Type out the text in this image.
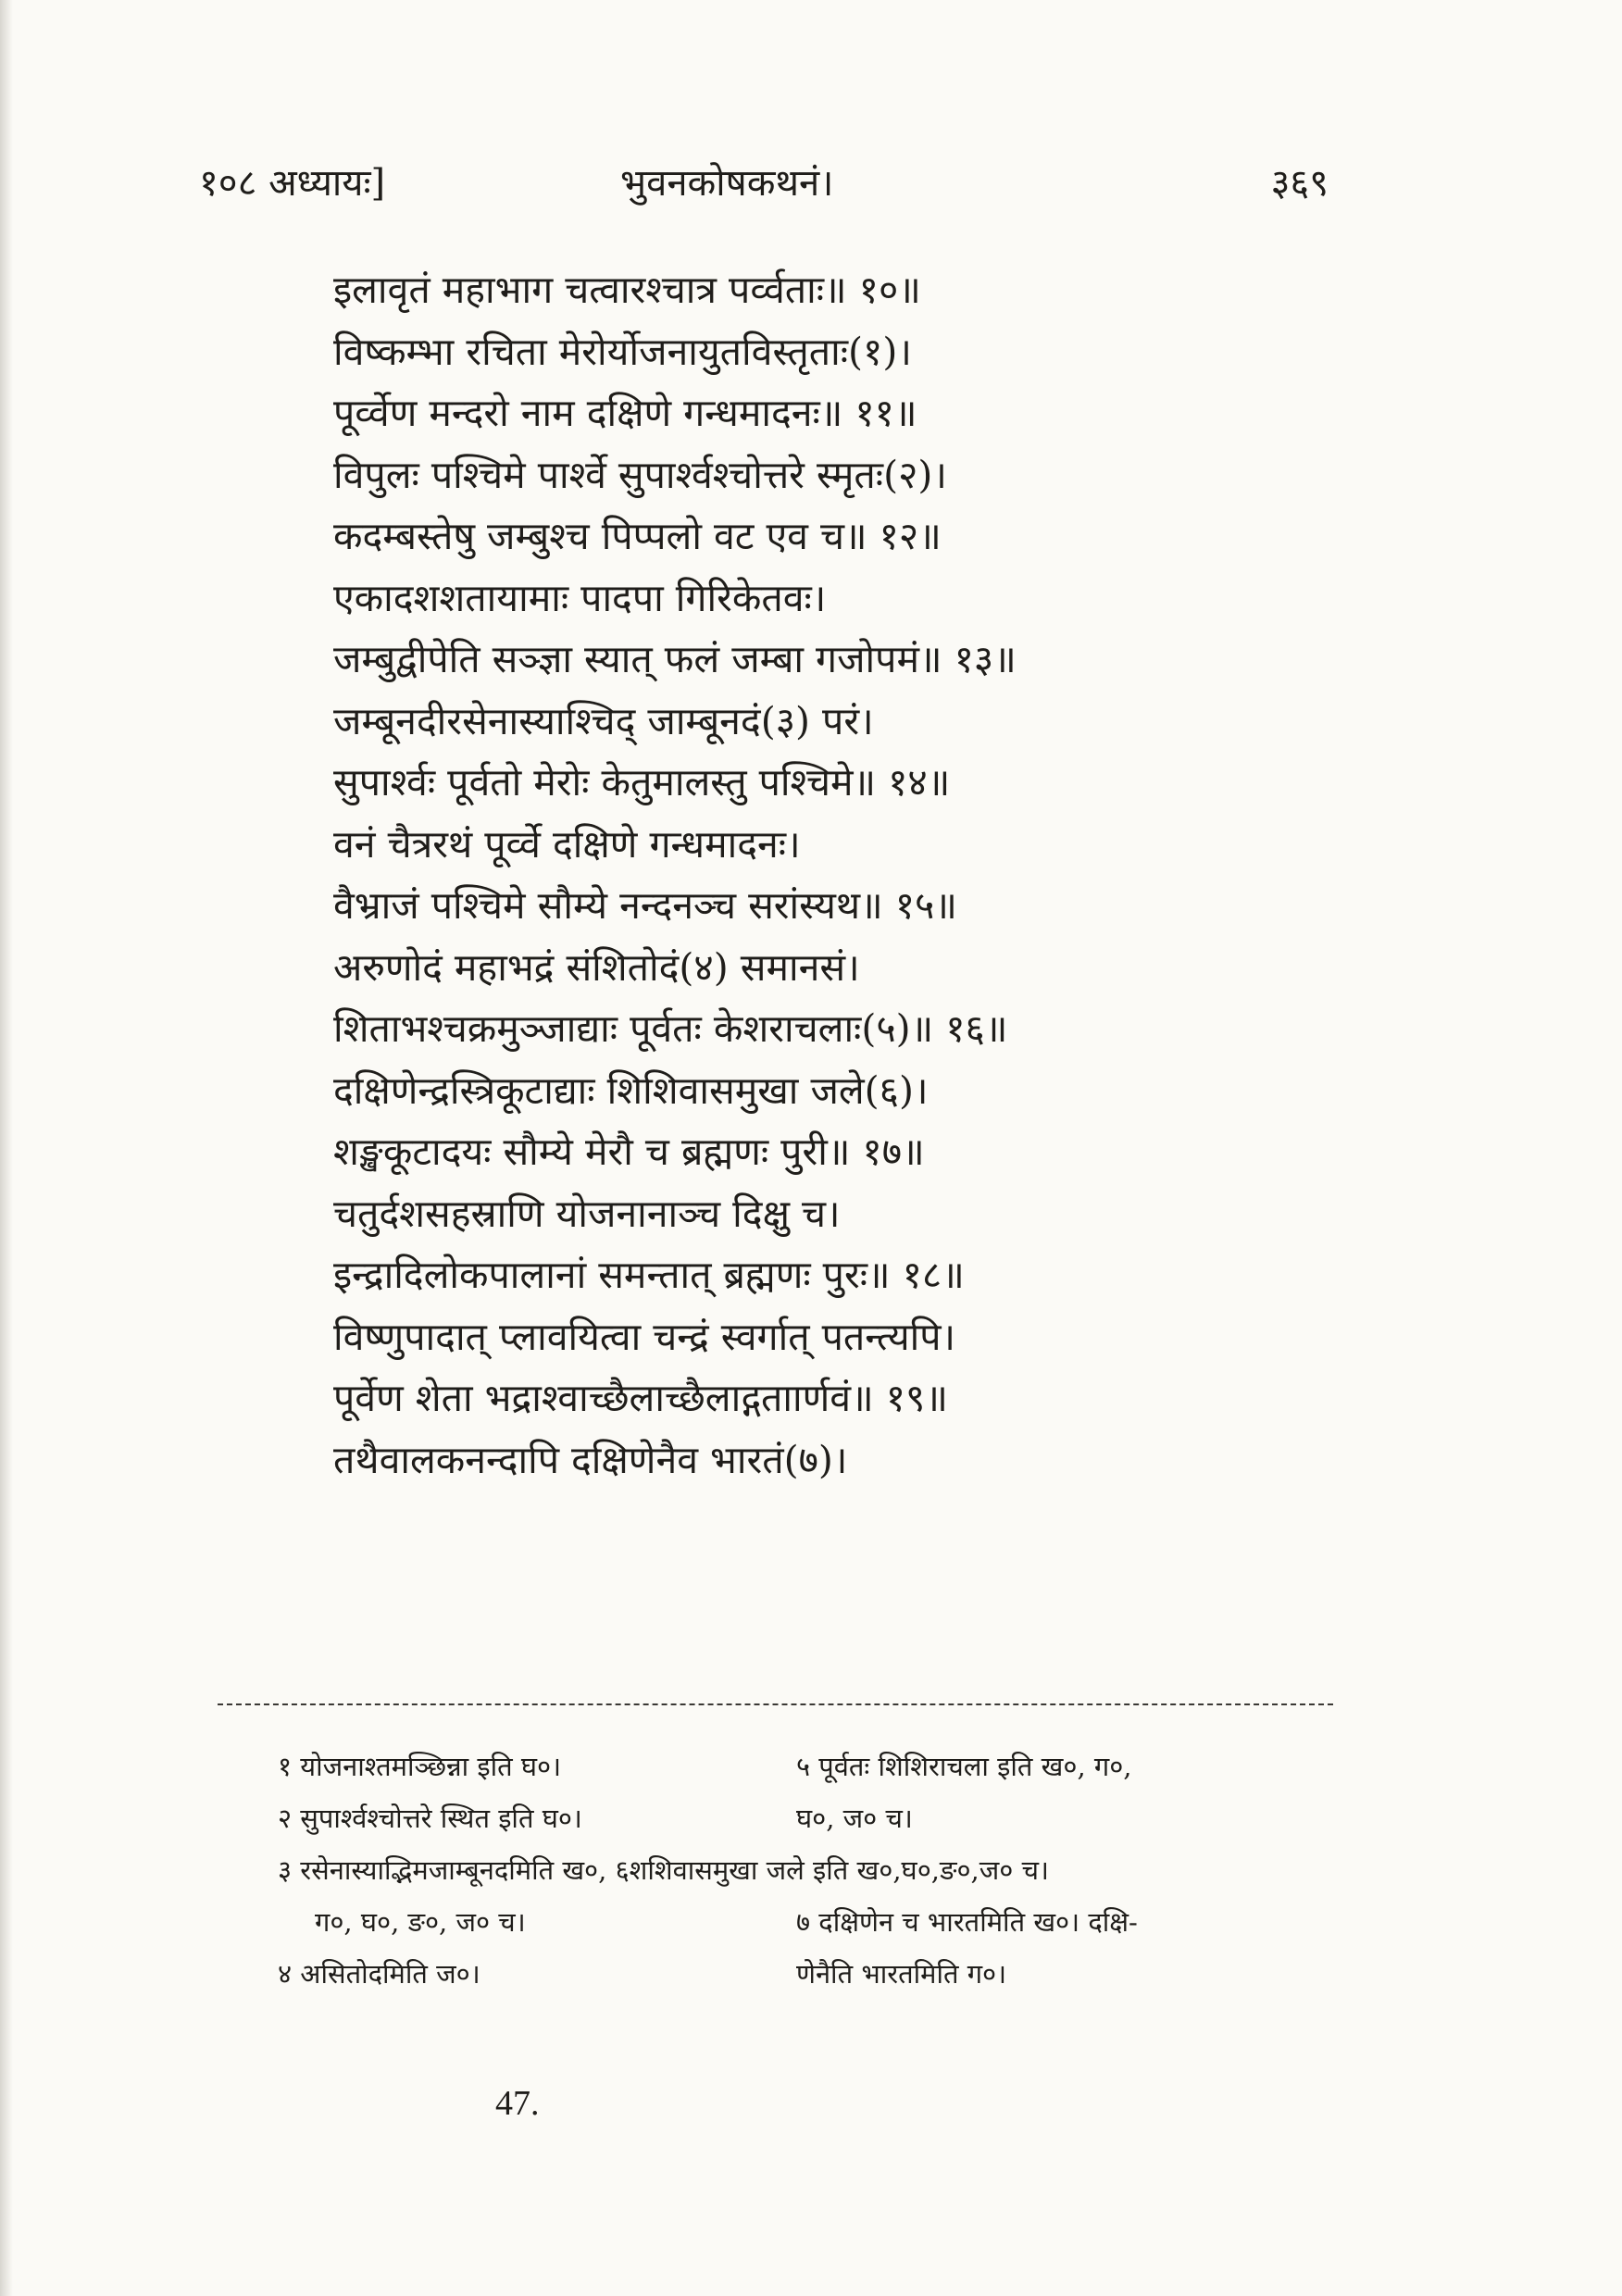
१०८ अध्यायः]	भुवनकोषकथनं।	३६९
इलावृतं महाभाग चत्वारश्चात्र पर्व्वताः॥ १०॥
विष्कम्भा रचिता मेरोर्योजनायुतविस्तृताः(१)।
पूर्व्वेण मन्दरो नाम दक्षिणे गन्धमादनः॥ ११॥
विपुलः पश्चिमे पार्श्वे सुपार्श्वश्चोत्तरे स्मृतः(२)।
कदम्बस्तेषु जम्बुश्च पिप्पलो वट एव च॥ १२॥
एकादशशतायामाः पादपा गिरिकेतवः।
जम्बुद्वीपेति सञ्ज्ञा स्यात् फलं जम्बा गजोपमं॥ १३॥
जम्बूनदीरसेनास्याश्चिद् जाम्बूनदं(३) परं।
सुपार्श्वः पूर्वतो मेरोः केतुमालस्तु पश्चिमे॥ १४॥
वनं चैत्ररथं पूर्व्वे दक्षिणे गन्धमादनः।
वैभ्राजं पश्चिमे सौम्ये नन्दनञ्च सरांस्यथ॥ १५॥
अरुणोदं महाभद्रं संशितोदं(४) समानसं।
शिताभश्चक्रमुञ्जाद्याः पूर्वतः केशराचलाः(५)॥ १६॥
दक्षिणेन्द्रस्त्रिकूटाद्याः शिशिवासमुखा जले(६)।
शङ्खकूटादयः सौम्ये मेरौ च ब्रह्मणः पुरी॥ १७॥
चतुर्दशसहस्राणि योजनानाञ्च दिक्षु च।
इन्द्रादिलोकपालानां समन्तात् ब्रह्मणः पुरः॥ १८॥
विष्णुपादात् प्लावयित्वा चन्द्रं स्वर्गात् पतन्त्यपि।
पूर्वेण शेता भद्राश्वाच्छैलाच्छैलाद्गताार्णवं॥ १९॥
तथैवालकनन्दापि दक्षिणेनैव भारतं(७)।
१ योजनाश्तमञ्छिन्ना इति घ०।	५ पूर्वतः शिशिराचला इति ख०, ग०,
२ सुपार्श्वश्चोत्तरे स्थित इति घ०।	घ०, ज० च।
३ रसेनास्याद्भिमजाम्बूनदमिति ख०, ६शशिवासमुखा जले इति ख०,घ०,ङ०,ज० च।
ग०, घ०, ङ०, ज० च।	७ दक्षिणेन च भारतमिति ख०। दक्षि-
४ असितोदमिति ज०।	णेनैति भारतमिति ग०।
47.
